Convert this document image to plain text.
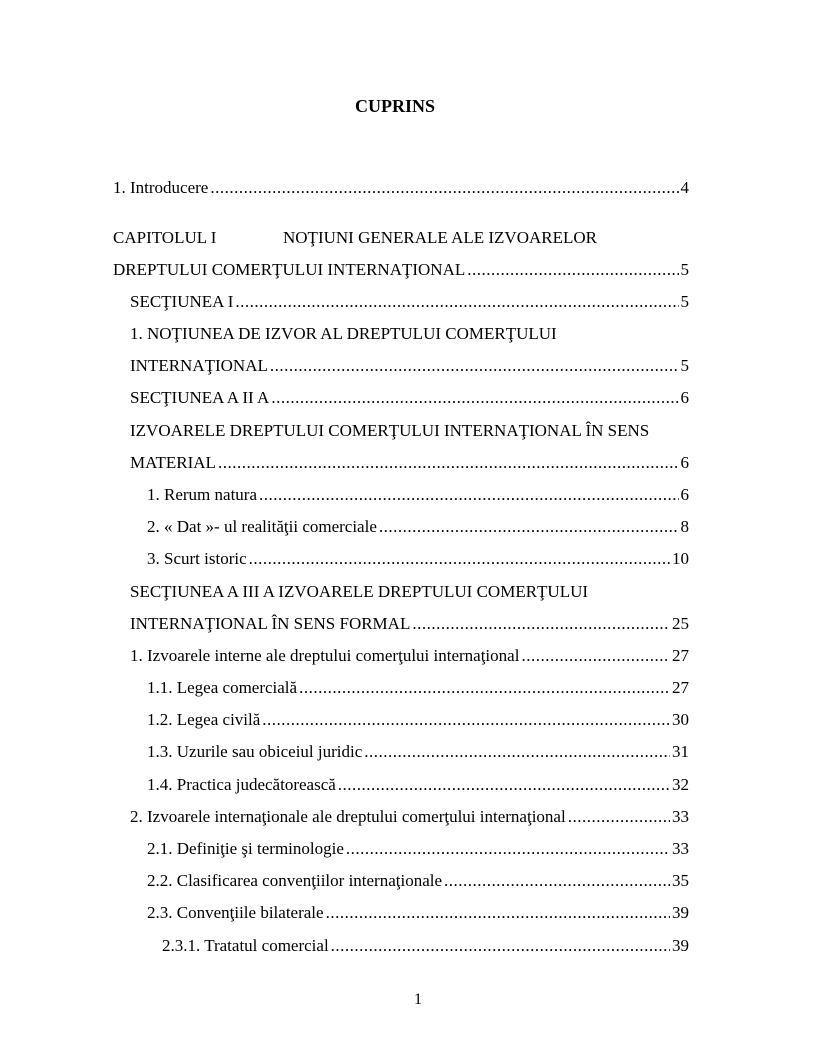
CUPRINS
1. Introducere .....	4
CAPITOLUL I	NOŢIUNI GENERALE ALE IZVOARELOR
DREPTULUI COMERŢULUI INTERNAŢIONAL .....	5
SECŢIUNEA I .....	5
1. NOŢIUNEA DE IZVOR AL DREPTULUI COMERŢULUI
INTERNAŢIONAL .....	5
SECŢIUNEA A II A .....	6
IZVOARELE DREPTULUI COMERŢULUI INTERNAŢIONAL ÎN SENS
MATERIAL .....	6
1. Rerum natura .....	6
2. « Dat »- ul realităţii comerciale .....	8
3. Scurt istoric .....	10
SECŢIUNEA A III A IZVOARELE DREPTULUI COMERŢULUI
INTERNAŢIONAL ÎN SENS FORMAL .....	25
1. Izvoarele interne ale dreptului comerţului internaţional .....	27
1.1. Legea comercială .....	27
1.2. Legea civilă .....	30
1.3. Uzurile sau obiceiul juridic .....	31
1.4. Practica judecătorească .....	32
2. Izvoarele internaţionale ale dreptului comerţului internaţional .....	33
2.1. Definiţie şi terminologie .....	33
2.2. Clasificarea convenţiilor internaţionale .....	35
2.3. Convenţiile bilaterale .....	39
2.3.1. Tratatul comercial .....	39
1
